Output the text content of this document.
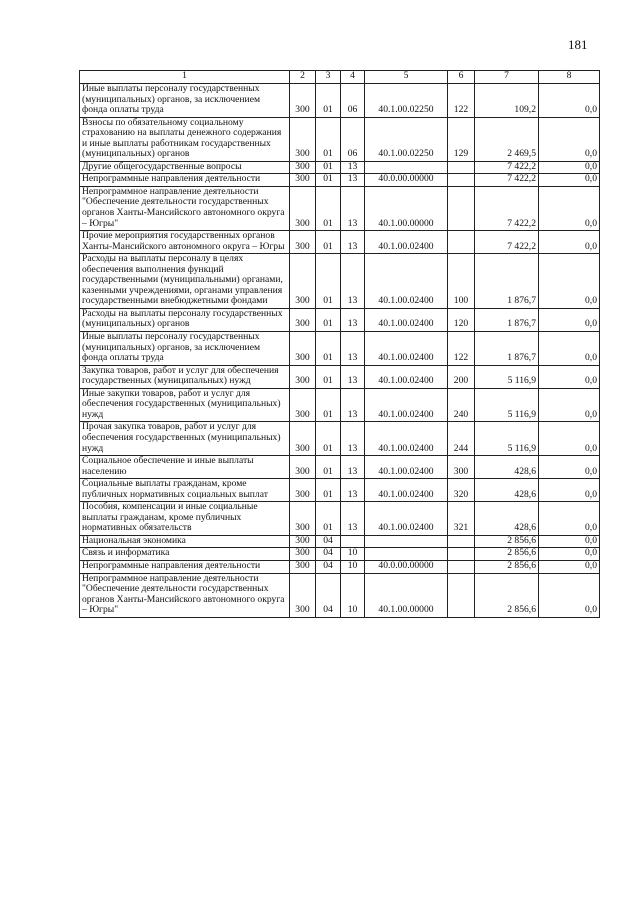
181
1	2	3	4	5	6	7	8
Иные выплаты персоналу государственных (муниципальных) органов, за исключением фонда оплаты труда	300	01	06	40.1.00.02250	122	109,2	0,0
Взносы по обязательному социальному страхованию на выплаты денежного содержания и иные выплаты работникам государственных (муниципальных) органов	300	01	06	40.1.00.02250	129	2 469,5	0,0
Другие общегосударственные вопросы	300	01	13			7 422,2	0,0
Непрограммные направления деятельности	300	01	13	40.0.00.00000		7 422,2	0,0
Непрограммное направление деятельности "Обеспечение деятельности государственных органов Ханты-Мансийского автономного округа – Югры"	300	01	13	40.1.00.00000		7 422,2	0,0
Прочие мероприятия государственных органов Ханты-Мансийского автономного округа – Югры	300	01	13	40.1.00.02400		7 422,2	0,0
Расходы на выплаты персоналу в целях обеспечения выполнения функций государственными (муниципальными) органами, казенными учреждениями, органами управления государственными внебюджетными фондами	300	01	13	40.1.00.02400	100	1 876,7	0,0
Расходы на выплаты персоналу государственных (муниципальных) органов	300	01	13	40.1.00.02400	120	1 876,7	0,0
Иные выплаты персоналу государственных (муниципальных) органов, за исключением фонда оплаты труда	300	01	13	40.1.00.02400	122	1 876,7	0,0
Закупка товаров, работ и услуг для обеспечения государственных (муниципальных) нужд	300	01	13	40.1.00.02400	200	5 116,9	0,0
Иные закупки товаров, работ и услуг для обеспечения государственных (муниципальных) нужд	300	01	13	40.1.00.02400	240	5 116,9	0,0
Прочая закупка товаров, работ и услуг для обеспечения государственных (муниципальных) нужд	300	01	13	40.1.00.02400	244	5 116,9	0,0
Социальное обеспечение и иные выплаты населению	300	01	13	40.1.00.02400	300	428,6	0,0
Социальные выплаты гражданам, кроме публичных нормативных социальных выплат	300	01	13	40.1.00.02400	320	428,6	0,0
Пособия, компенсации и иные социальные выплаты гражданам, кроме публичных нормативных обязательств	300	01	13	40.1.00.02400	321	428,6	0,0
Национальная экономика	300	04				2 856,6	0,0
Связь и информатика	300	04	10			2 856,6	0,0
Непрограммные направления деятельности	300	04	10	40.0.00.00000		2 856,6	0,0
Непрограммное направление деятельности "Обеспечение деятельности государственных органов Ханты-Мансийского автономного округа – Югры"	300	04	10	40.1.00.00000		2 856,6	0,0
